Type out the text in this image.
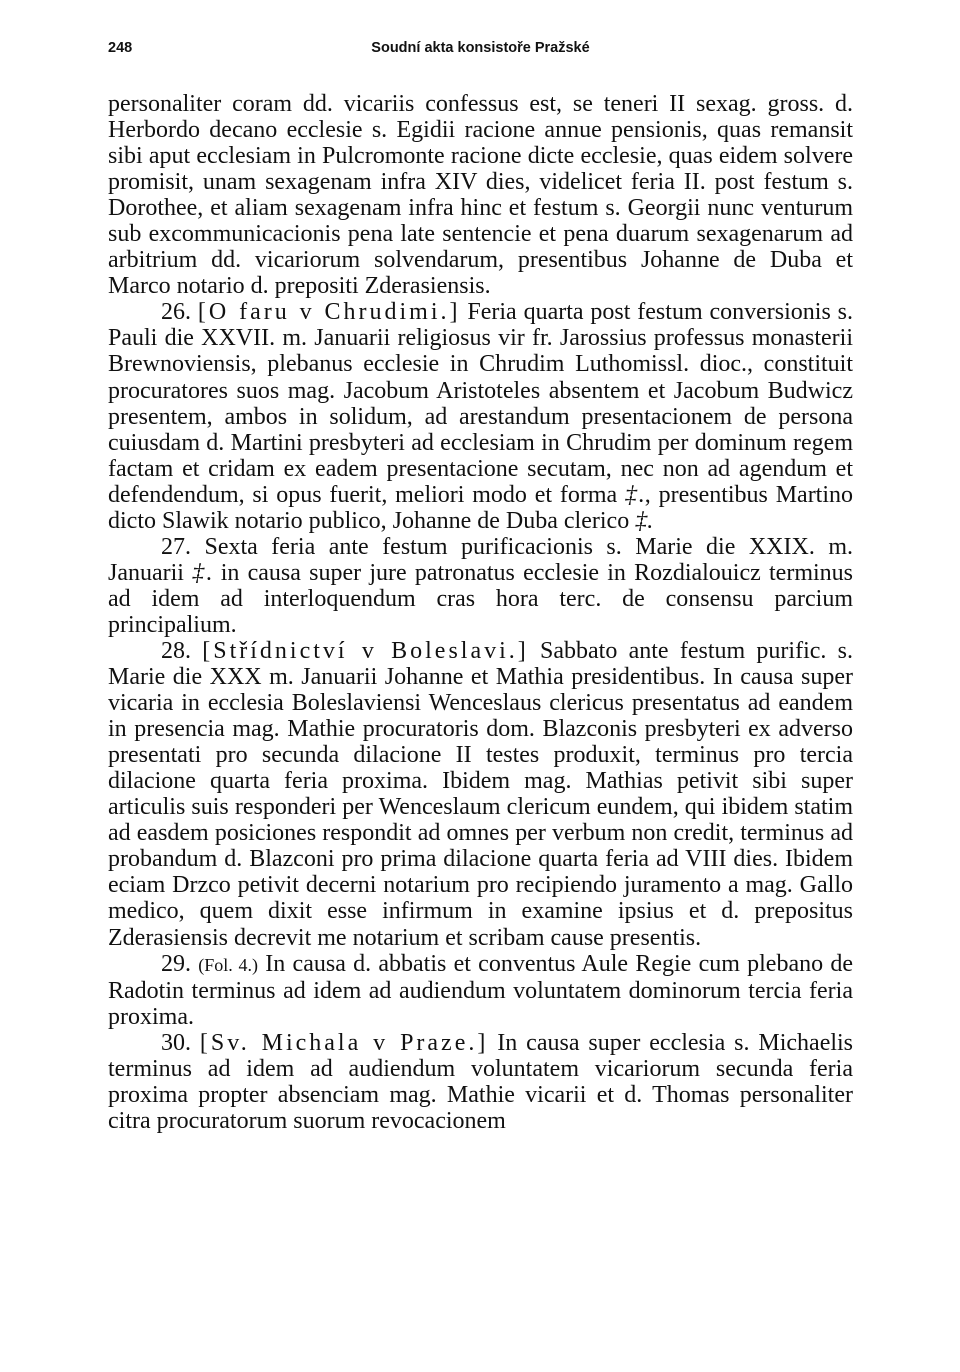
248	Soudní akta konsistoře Pražské

personaliter coram dd. vicariis confessus est, se teneri II sexag. gross. d. Herbordo decano ecclesie s. Egidii racione annue pensionis, quas remansit sibi aput ecclesiam in Pulcromonte racione dicte ecclesie, quas eidem solvere promisit, unam sexagenam infra XIV dies, videlicet feria II. post festum s. Dorothee, et aliam sexagenam infra hinc et festum s. Georgii nunc venturum sub excommunicacionis pena late sentencie et pena duarum sexagenarum ad arbitrium dd. vicariorum solvendarum, presentibus Johanne de Duba et Marco notario d. prepositi Zderasiensis.

26. [O faru v Chrudimi.] Feria quarta post festum conversionis s. Pauli die XXVII. m. Januarii religiosus vir fr. Jarossius professus monasterii Brewnoviensis, plebanus ecclesie in Chrudim Luthomissl. dioc., constituit procuratores suos mag. Jacobum Aristoteles absentem et Jacobum Budwicz presentem, ambos in solidum, ad arestandum presentacionem de persona cuiusdam d. Martini presbyteri ad ecclesiam in Chrudim per dominum regem factam et cridam ex eadem presentacione secutam, nec non ad agendum et defendendum, si opus fuerit, meliori modo et forma ‡., presentibus Martino dicto Slawik notario publico, Johanne de Duba clerico ‡.

27. Sexta feria ante festum purificacionis s. Marie die XXIX. m. Januarii ‡. in causa super jure patronatus ecclesie in Rozdialouicz terminus ad idem ad interloquendum cras hora terc. de consensu parcium principalium.

28. [Střídnictví v Boleslavi.] Sabbato ante festum purific. s. Marie die XXX m. Januarii Johanne et Mathia presidentibus. In causa super vicaria in ecclesia Boleslaviensi Wenceslaus clericus presentatus ad eandem in presencia mag. Mathie procuratoris dom. Blazconis presbyteri ex adverso presentati pro secunda dilacione II testes produxit, terminus pro tercia dilacione quarta feria proxima. Ibidem mag. Mathias petivit sibi super articulis suis responderi per Wenceslaum clericum eundem, qui ibidem statim ad easdem posiciones respondit ad omnes per verbum non credit, terminus ad probandum d. Blazconi pro prima dilacione quarta feria ad VIII dies. Ibidem eciam Drzco petivit decerni notarium pro recipiendo juramento a mag. Gallo medico, quem dixit esse infirmum in examine ipsius et d. prepositus Zderasiensis decrevit me notarium et scribam cause presentis.

29. (Fol. 4.) In causa d. abbatis et conventus Aule Regie cum plebano de Radotin terminus ad idem ad audiendum voluntatem dominorum tercia feria proxima.

30. [Sv. Michala v Praze.] In causa super ecclesia s. Michaelis terminus ad idem ad audiendum voluntatem vicariorum secunda feria proxima propter absenciam mag. Mathie vicarii et d. Thomas personaliter citra procuratorum suorum revocacionem
